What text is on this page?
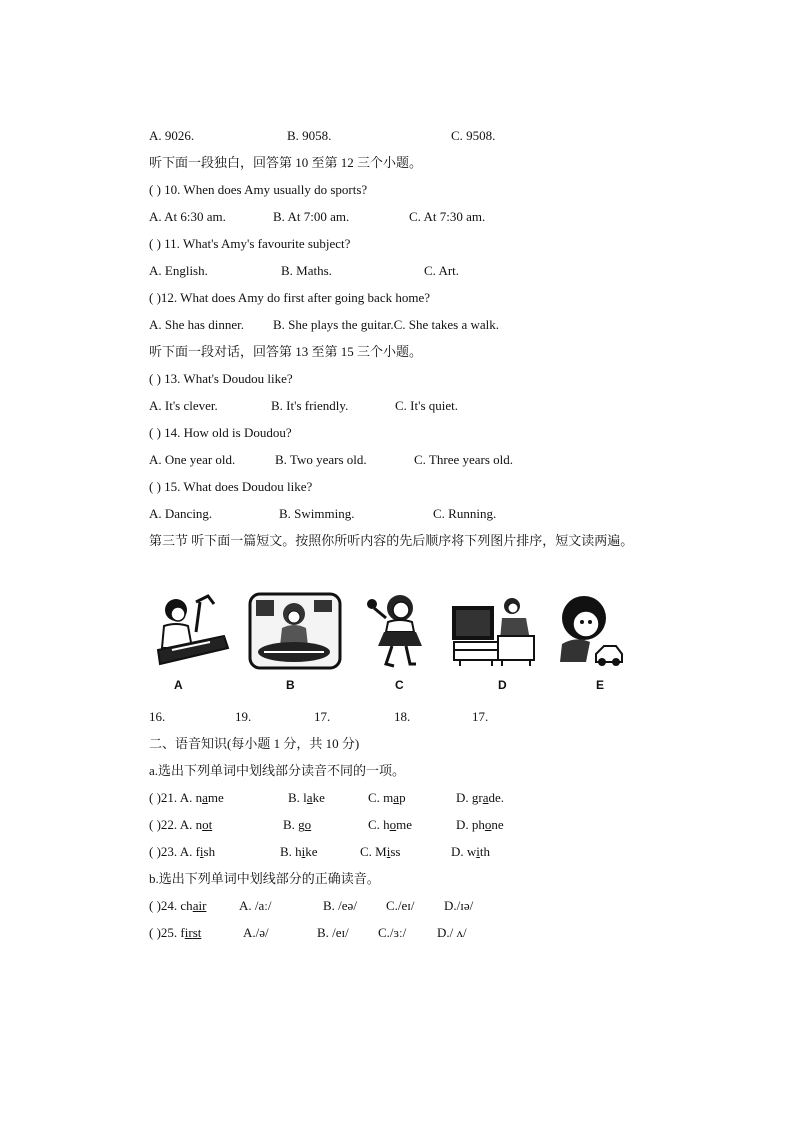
A. 9026.	B. 9058.	C. 9508.
听下面一段独白，回答第 10 至第 12 三个小题。
( ) 10. When does Amy usually do sports?
A. At 6:30 am.	B. At 7:00 am.	C. At 7:30 am.
( ) 11. What's Amy's favourite subject?
A. English.	B. Maths.	C. Art.
( )12. What does Amy do first after going back home?
A. She has dinner. B. She plays the guitar.C. She takes a walk.
听下面一段对话，回答第 13 至第 15 三个小题。
( ) 13. What's Doudou like?
A. It's clever.	B. It's friendly.	C. It's quiet.
( ) 14. How old is Doudou?
A. One year old.	B. Two years old.	C. Three years old.
( ) 15. What does Doudou like?
A. Dancing.	B. Swimming.	C. Running.
第三节 听下面一篇短文。按照你所听内容的先后顺序将下列图片排序，短文读两遍。
A	B	C	D	E
16.	19.	17.	18.	17.
二、语音知识(每小题 1 分，共 10 分)
a.选出下列单词中划线部分读音不同的一项。
( )21. A. name	B. lake	C. map	D. grade.
( )22. A. not	B. go	C. home	D. phone
( )23. A. fish	B. hike	C. Miss	D. with
b.选出下列单词中划线部分的正确读音。
( )24. chair	A. /aː/	B. /eə/ C./eɪ/ D./ɪə/
( )25. first	A./ə/	B. /eɪ/ C./ɜː/ D./ ʌ/
